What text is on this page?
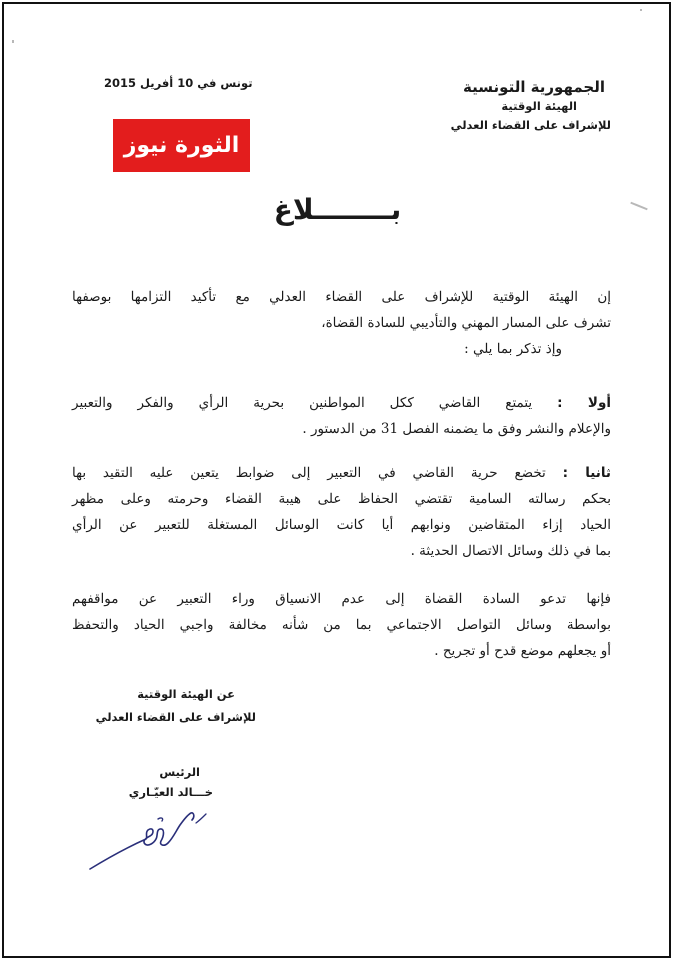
الجمهورية التونسية
الهيئة الوقتية
للإشراف على القضاء العدلي
تونس في 10 أفريل 2015
الثورة نيوز
بــــــــلاغ
إن الهيئة الوقتية للإشراف على القضاء العدلي مع تأكيد التزامها بوصفها
تشرف على المسار المهني والتأديبي للسادة القضاة،
وإذ تذكر بما يلي :
أولا : يتمتع القاضي ككل المواطنين بحرية الرأي والفكر والتعبير
والإعلام والنشر وفق ما يضمنه الفصل 31 من الدستور .
ثانيا : تخضع حرية القاضي في التعبير إلى ضوابط يتعين عليه التقيد بها
بحكم رسالته السامية تقتضي الحفاظ على هيبة القضاء وحرمته وعلى مظهر
الحياد إزاء المتقاضين ونوابهم أيا كانت الوسائل المستغلة للتعبير عن الرأي
بما في ذلك وسائل الاتصال الحديثة .
فإنها تدعو السادة القضاة إلى عدم الانسياق وراء التعبير عن مواقفهم
بواسطة وسائل التواصل الاجتماعي بما من شأنه مخالفة واجبي الحياد والتحفظ
أو يجعلهم موضع قدح أو تجريح .
عن الهيئة الوقتية
للإشراف على القضاء العدلي
الرئيس
خـــالد العيّـاري
